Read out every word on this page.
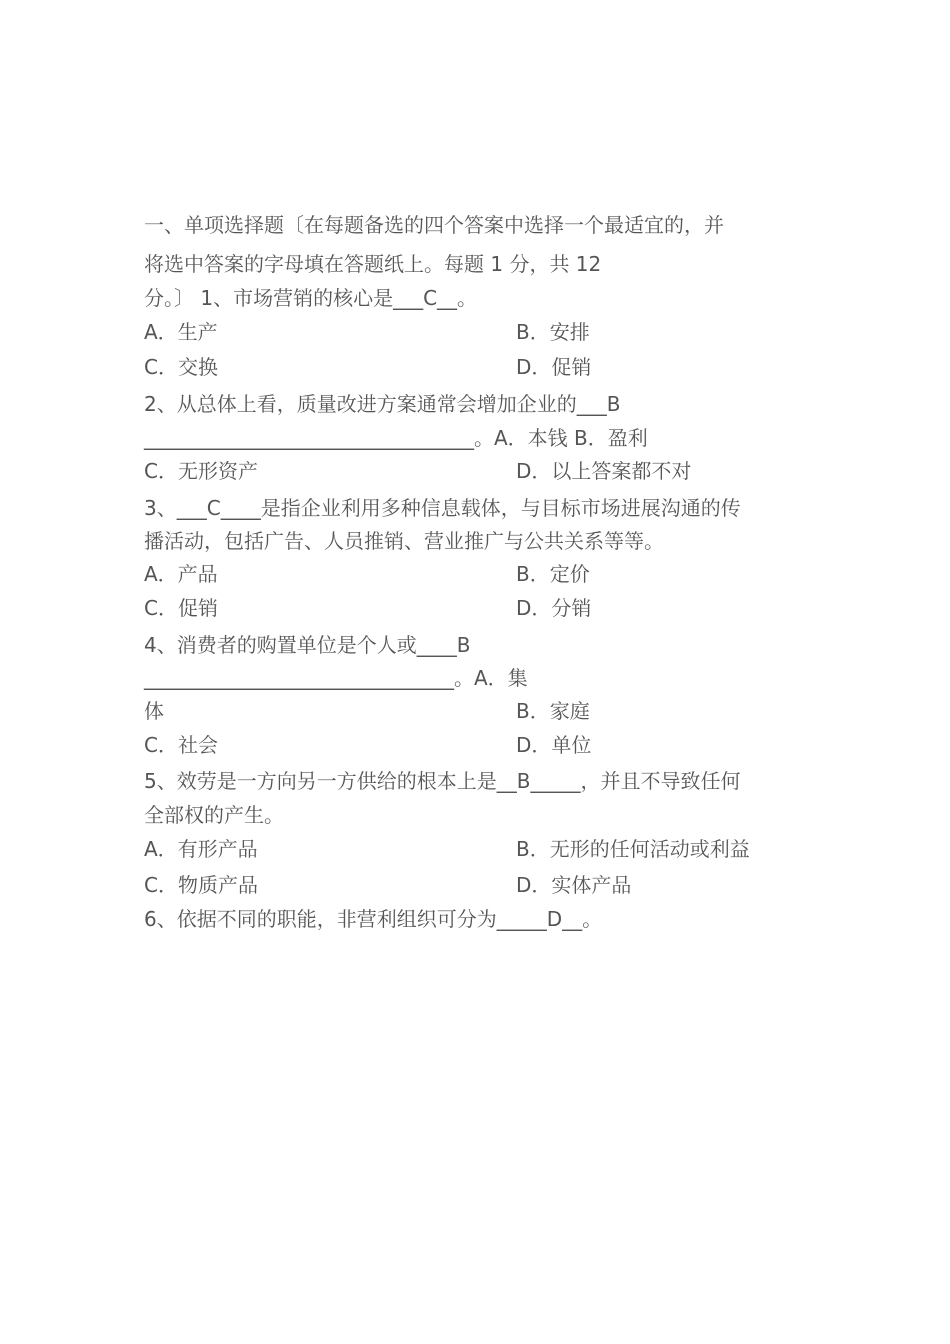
一、单项选择题〔在每题备选的四个答案中选择一个最适宜的，并
将选中答案的字母填在答题纸上。每题 1 分，共 12
分。〕 1、市场营销的核心是___C__。
A．生产	B．安排
C．交换	D．促销
2、从总体上看，质量改进方案通常会增加企业的___B
_________________________________。A．本钱 B．盈利
C．无形资产	D．以上答案都不对
3、___C____是指企业利用多种信息载体，与目标市场进展沟通的传
播活动，包括广告、人员推销、营业推广与公共关系等等。
A．产品	B．定价
C．促销	D．分销
4、消费者的购置单位是个人或____B
_______________________________。A．集
体	B．家庭
C．社会	D．单位
5、效劳是一方向另一方供给的根本上是__B_____，并且不导致任何
全部权的产生。
A．有形产品	B．无形的任何活动或利益
C．物质产品	D．实体产品
6、依据不同的职能，非营利组织可分为_____D__。
